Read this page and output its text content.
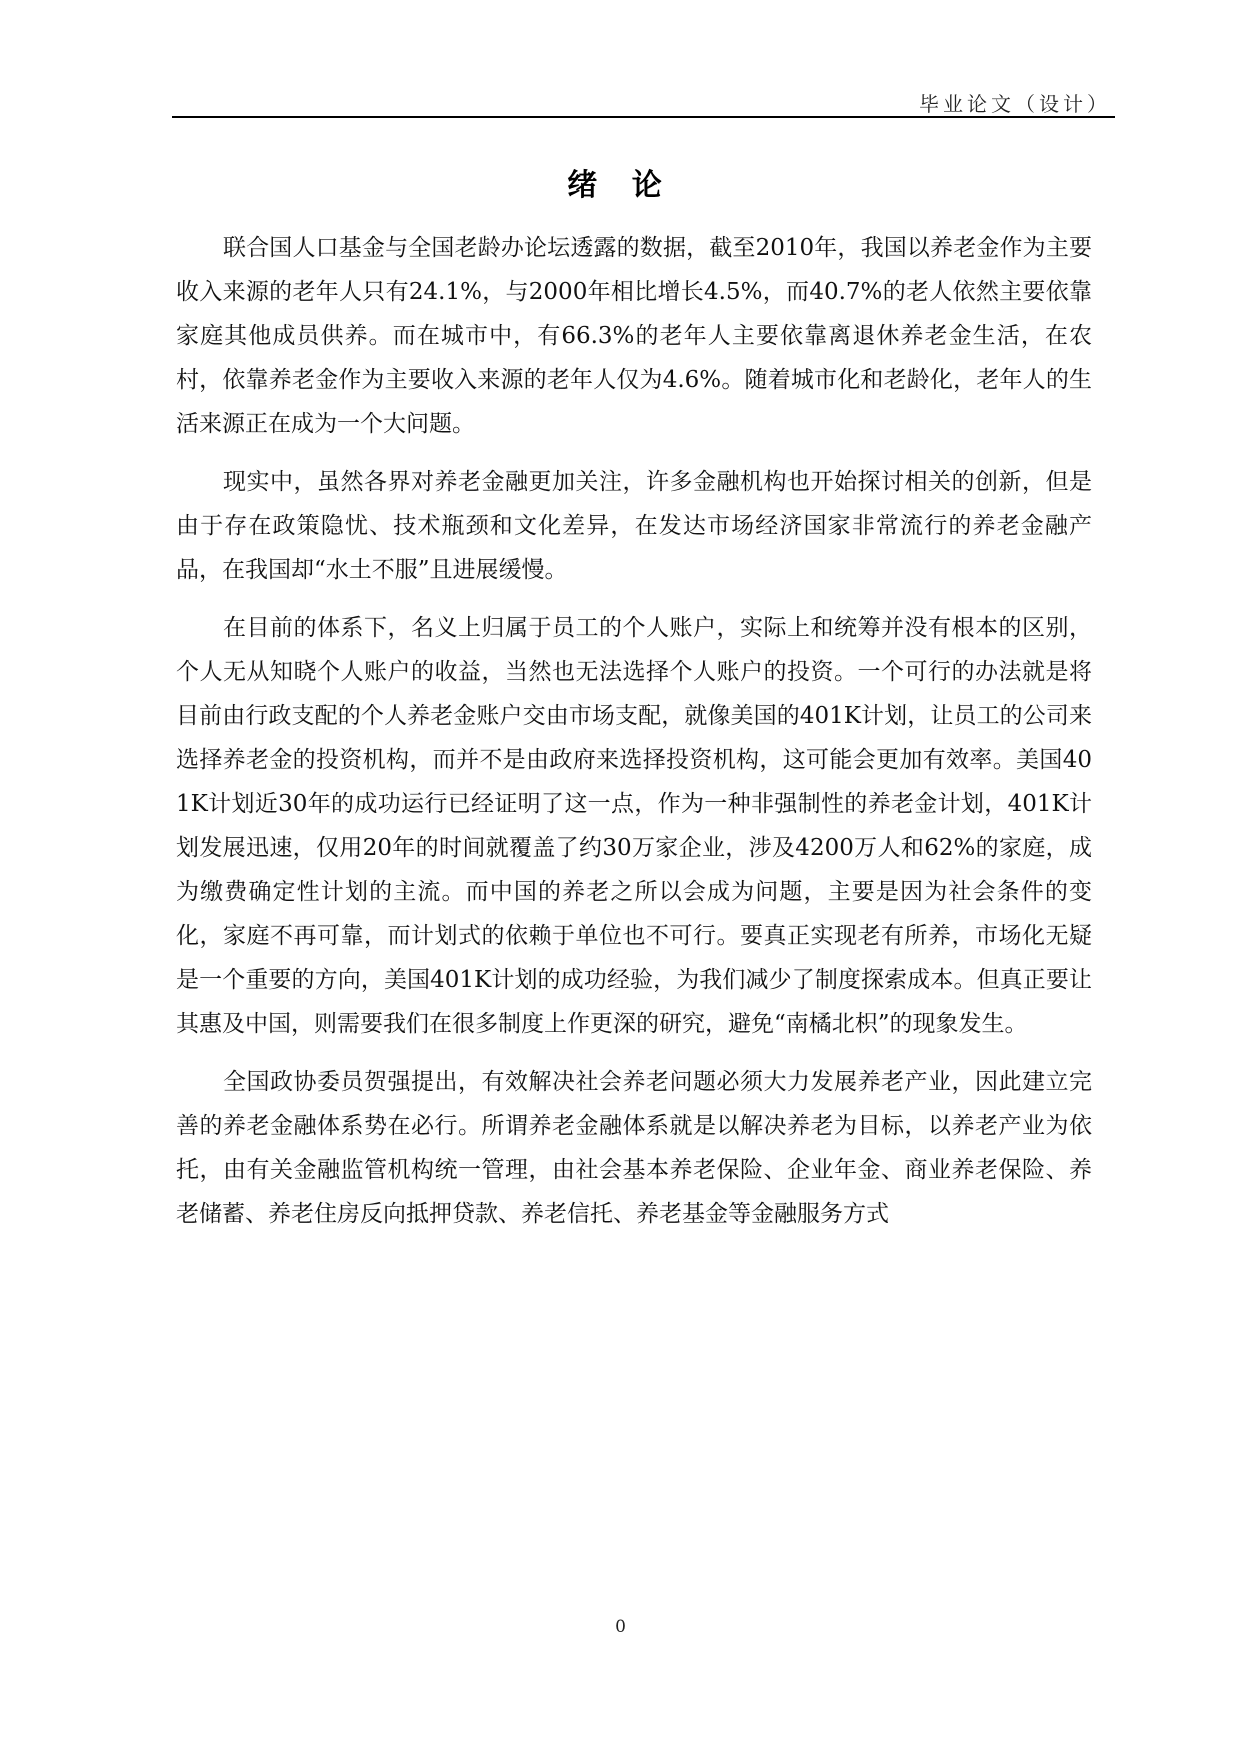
毕业论文（设计）
绪 论

联合国人口基金与全国老龄办论坛透露的数据，截至2010年，我国以养老金作为主要收入来源的老年人只有24.1%，与2000年相比增长4.5%，而40.7%的老人依然主要依靠家庭其他成员供养。而在城市中，有66.3%的老年人主要依靠离退休养老金生活，在农村，依靠养老金作为主要收入来源的老年人仅为4.6%。随着城市化和老龄化，老年人的生活来源正在成为一个大问题。

现实中，虽然各界对养老金融更加关注，许多金融机构也开始探讨相关的创新，但是由于存在政策隐忧、技术瓶颈和文化差异，在发达市场经济国家非常流行的养老金融产品，在我国却“水土不服”且进展缓慢。

在目前的体系下，名义上归属于员工的个人账户，实际上和统筹并没有根本的区别，个人无从知晓个人账户的收益，当然也无法选择个人账户的投资。一个可行的办法就是将目前由行政支配的个人养老金账户交由市场支配，就像美国的401K计划，让员工的公司来选择养老金的投资机构，而并不是由政府来选择投资机构，这可能会更加有效率。美国401K计划近30年的成功运行已经证明了这一点，作为一种非强制性的养老金计划，401K计划发展迅速，仅用20年的时间就覆盖了约30万家企业，涉及4200万人和62%的家庭，成为缴费确定性计划的主流。而中国的养老之所以会成为问题，主要是因为社会条件的变化，家庭不再可靠，而计划式的依赖于单位也不可行。要真正实现老有所养，市场化无疑是一个重要的方向，美国401K计划的成功经验，为我们减少了制度探索成本。但真正要让其惠及中国，则需要我们在很多制度上作更深的研究，避免“南橘北枳”的现象发生。

全国政协委员贺强提出，有效解决社会养老问题必须大力发展养老产业，因此建立完善的养老金融体系势在必行。所谓养老金融体系就是以解决养老为目标，以养老产业为依托，由有关金融监管机构统一管理，由社会基本养老保险、企业年金、商业养老保险、养老储蓄、养老住房反向抵押贷款、养老信托、养老基金等金融服务方式

0
